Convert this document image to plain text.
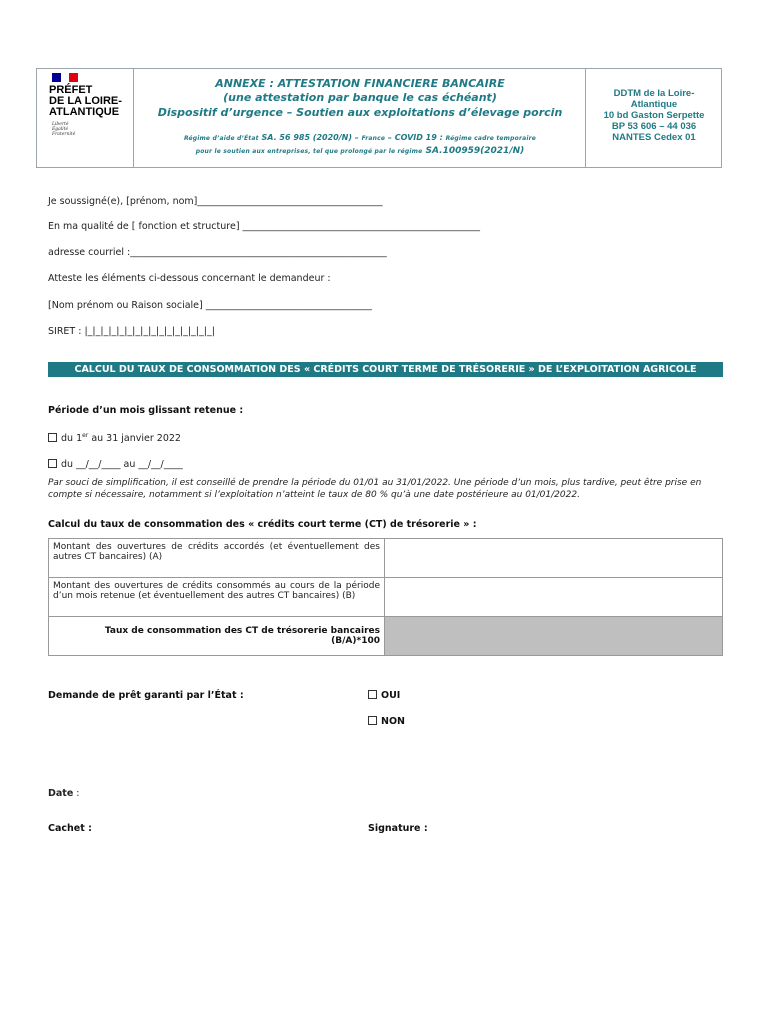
PRÉFET
DE LA LOIRE-
ATLANTIQUE
Liberté
Égalité
Fraternité
ANNEXE : ATTESTATION FINANCIERE BANCAIRE
(une attestation par banque le cas échéant)
Dispositif d’urgence – Soutien aux exploitations d’élevage porcin
Régime d’aide d’État SA. 56 985 (2020/N) – France – COVID 19 : Régime cadre temporaire
pour le soutien aux entreprises, tel que prolongé par le régime SA.100959(2021/N)
DDTM de la Loire-
Atlantique
10 bd Gaston Serpette
BP 53 606 – 44 036
NANTES Cedex 01
Je soussigné(e), [prénom, nom]_______________________________________
En ma qualité de [ fonction et structure] __________________________________________________
adresse courriel :______________________________________________________
Atteste les éléments ci-dessous concernant le demandeur :
[Nom prénom ou Raison sociale] ___________________________________
SIRET : |_|_|_|_|_|_|_|_|_|_|_|_|_|_|_|_|
CALCUL DU TAUX DE CONSOMMATION DES « CRÉDITS COURT TERME DE TRÉSORERIE » DE L’EXPLOITATION AGRICOLE
Période d’un mois glissant retenue :
du 1er au 31 janvier 2022
du __/__/____ au __/__/____
Par souci de simplification, il est conseillé de prendre la période du 01/01 au 31/01/2022. Une période d’un mois, plus tardive, peut être prise en
compte si nécessaire, notamment si l’exploitation n’atteint le taux de 80 % qu’à une date postérieure au 01/01/2022.
Calcul du taux de consommation des « crédits court terme (CT) de trésorerie » :
Montant des ouvertures de crédits accordés (et éventuellement des autres CT bancaires) (A)	
Montant des ouvertures de crédits consommés au cours de la période d’un mois retenue (et éventuellement des autres CT bancaires) (B)	

Taux de consommation des CT de trésorerie bancaires
(B/A)*100	

Demande de prêt garanti par l’État :	OUI
NON
Date :
Cachet :	Signature :
